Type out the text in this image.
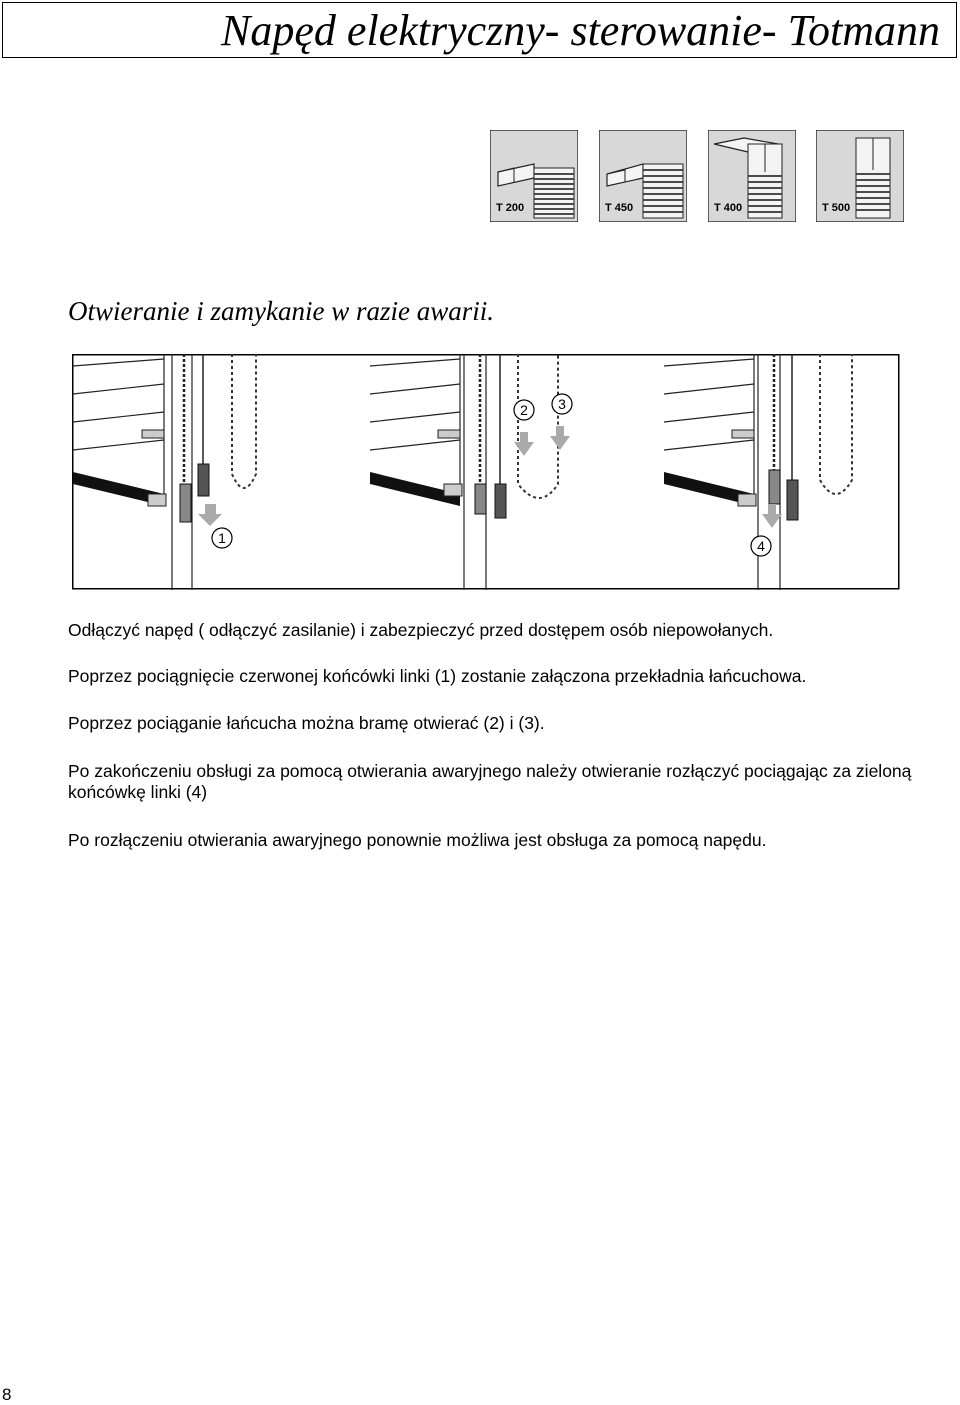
Napęd elektryczny- sterowanie- Totmann
T 200	T 450	T 400	T 500
Otwieranie i zamykanie w razie awarii.
1
2 3
4

Odłączyć napęd ( odłączyć zasilanie) i zabezpieczyć przed dostępem osób niepowołanych.

Poprzez pociągnięcie czerwonej końcówki linki (1) zostanie załączona przekładnia łańcuchowa.

Poprzez pociąganie łańcucha można bramę otwierać (2) i (3).

Po zakończeniu obsługi za pomocą otwierania awaryjnego należy otwieranie rozłączyć pociągając za zieloną końcówkę linki (4)

Po rozłączeniu otwierania awaryjnego ponownie możliwa jest obsługa za pomocą napędu.

8
